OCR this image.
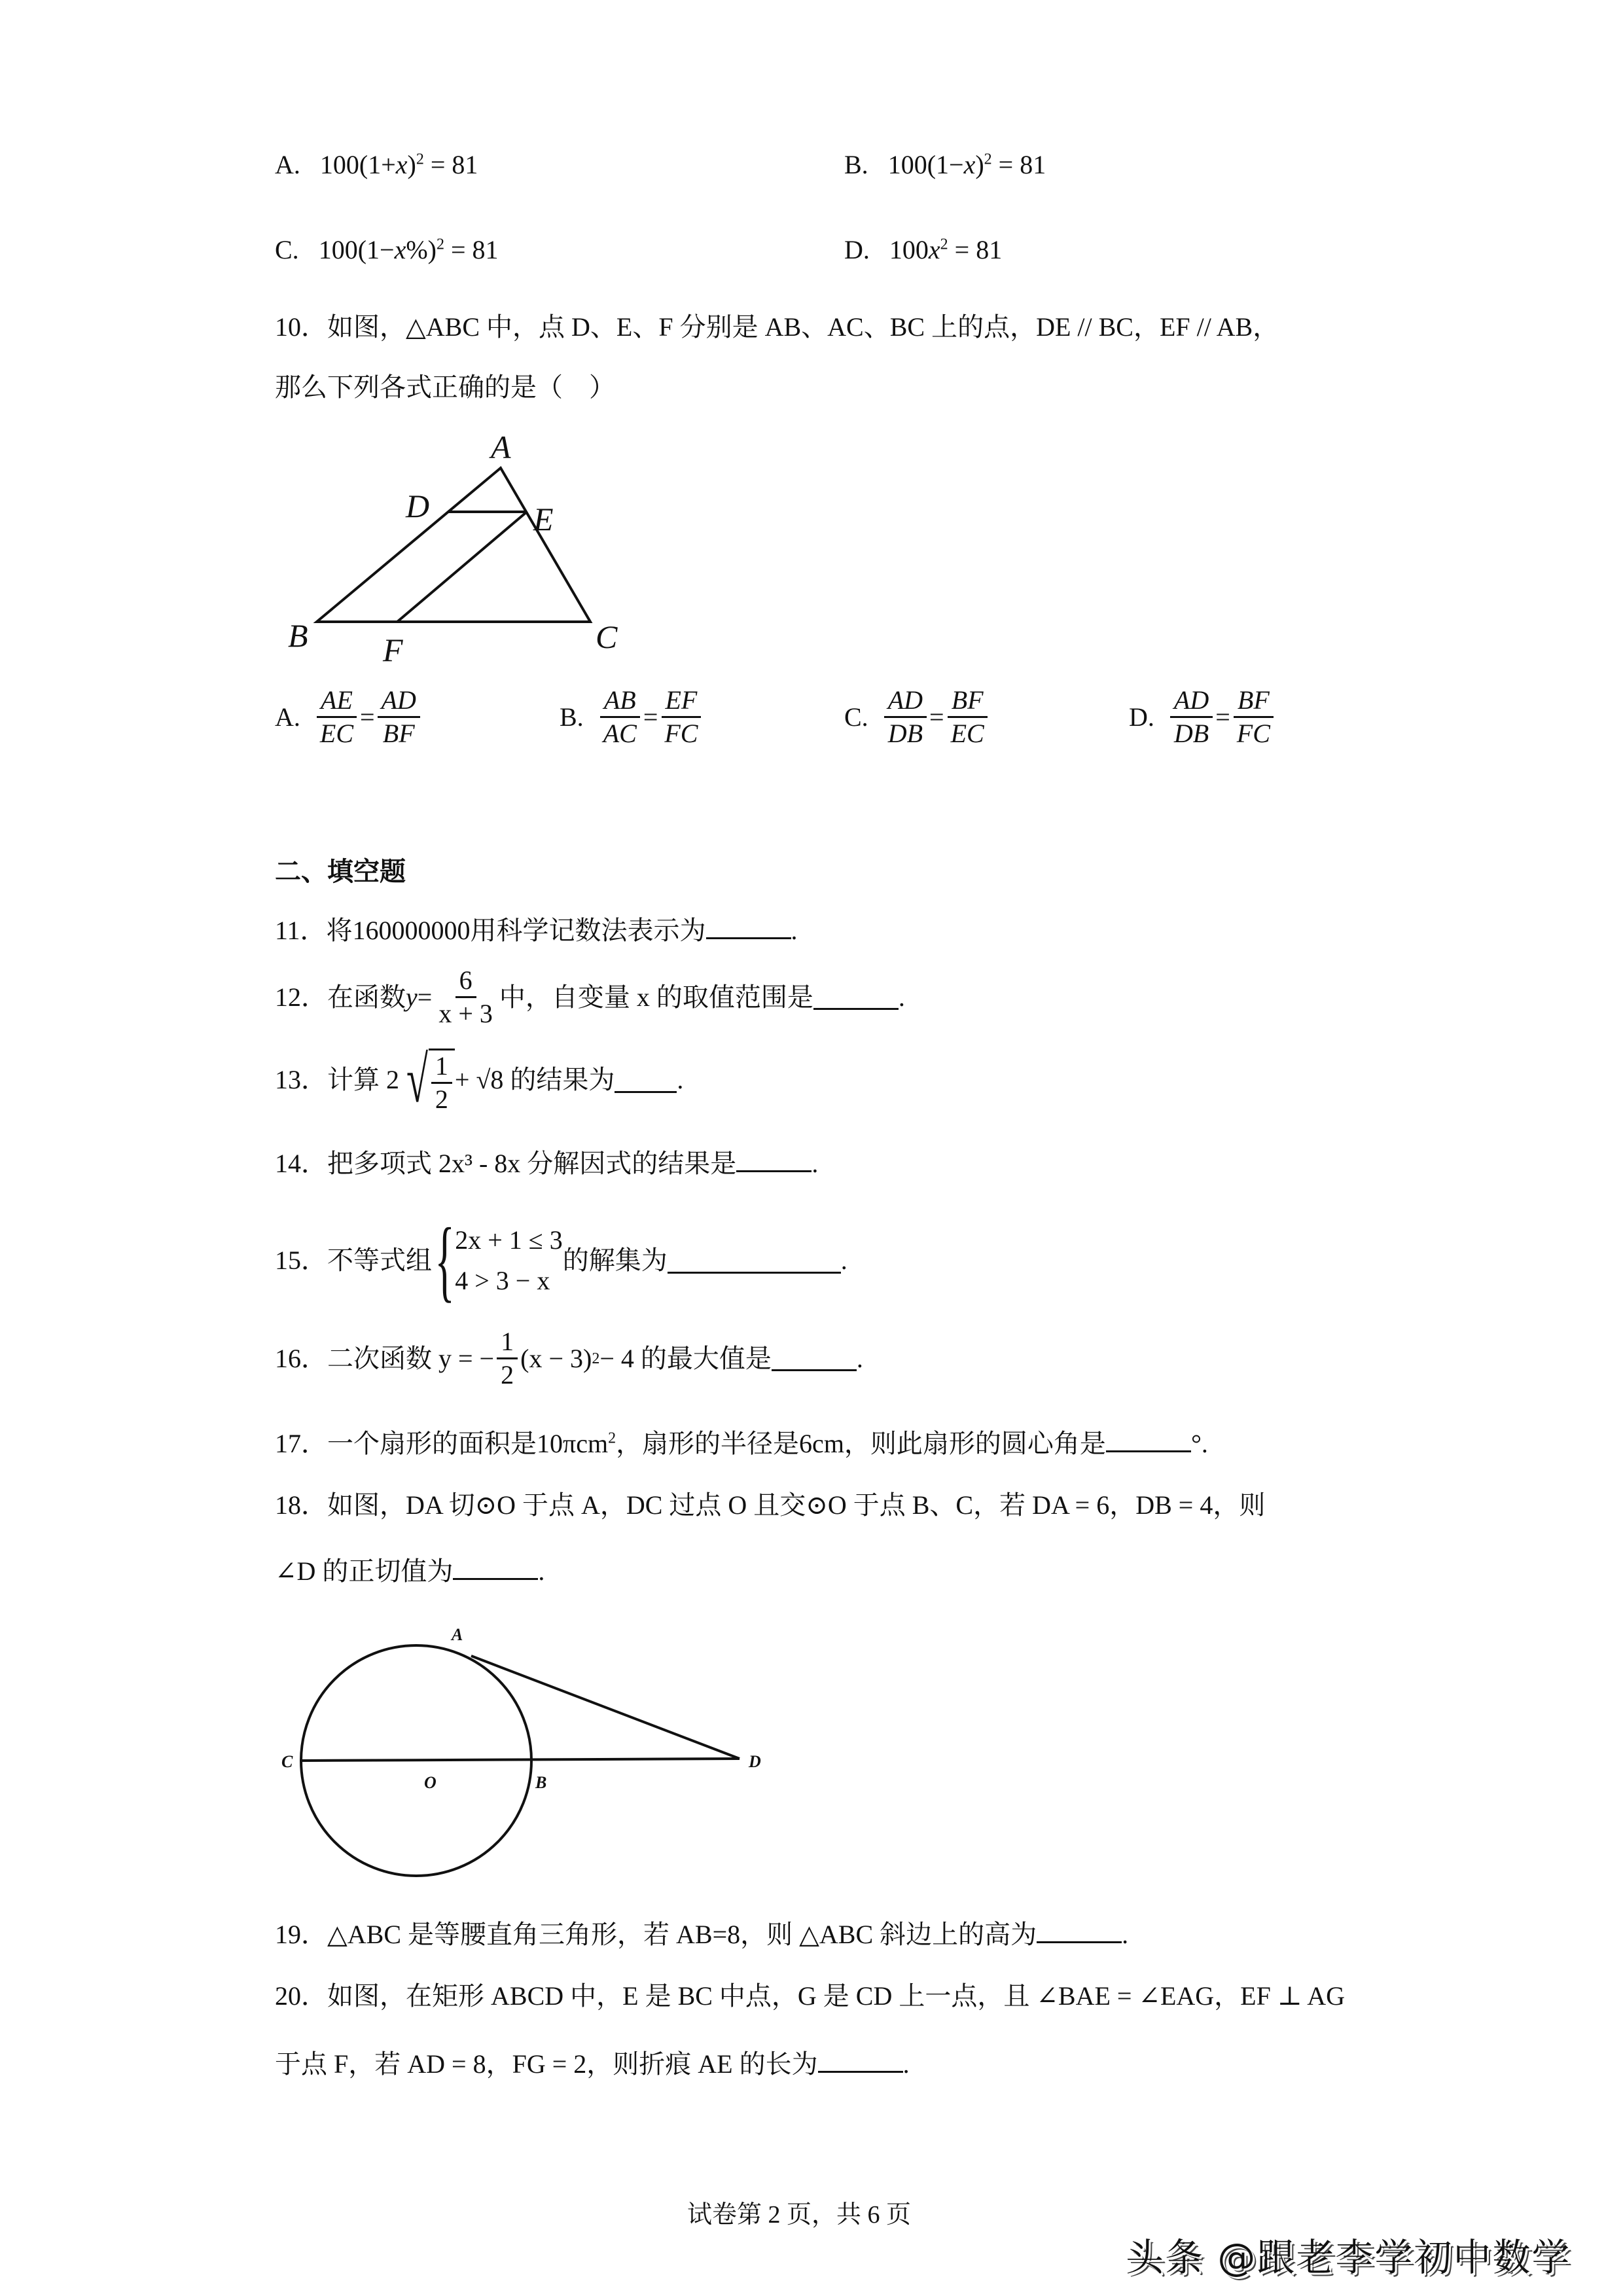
A. $100(1+x)^2 = 81$	B. $100(1-x)^2 = 81$
C. $100(1-x\%)^2 = 81$	D. $100x^2 = 81$
10．如图，△ABC 中，点 D、E、F 分别是 AB、AC、BC 上的点，DE // BC，EF // AB，
那么下列各式正确的是（　）
A
D	E
B F	C
A.
$\frac{AE}{EC} = \frac{AD}{BF}$	B.
$\frac{AB}{AC} = \frac{EF}{FC}$	C.
$\frac{AD}{DB} = \frac{BF}{EC}$	D.
$\frac{AD}{DB} = \frac{BF}{FC}$
二、填空题
11．将160000000用科学记数法表示为	.
12．在函数 $y = \frac{6}{x + 3}$ 中，自变量 x 的取值范围是	.
13．计算 2 √ $\frac{1}{2} + √8$ 的结果为 .
14．把多项式 2x³ - 8x 分解因式的结果是	.
15．不等式组 { 2x + 1 ≤ 3
4 > 3 − x
的解集为	.
16．二次函数 y = − $\frac{1}{2} (x - 3) 2 - 4$ 的最大值是	.
17．一个扇形的面积是10πcm$^2$，扇形的半径是6cm，则此扇形的圆心角是	°.
18．如图，DA 切⊙O 于点 A，DC 过点 O 且交⊙O 于点 B、C，若 DA = 6，DB = 4，则
∠D 的正切值为	.
A
C
O	B
D
19．△ABC 是等腰直角三角形，若 AB=8，则 △ABC 斜边上的高为	.
20．如图，在矩形 ABCD 中，E 是 BC 中点，G 是 CD 上一点，且 ∠BAE = ∠EAG，EF ⊥ AG
于点 F，若 AD = 8，FG = 2，则折痕 AE 的长为	.
试卷第 2 页，共 6 页
头条 @跟老李学初中数学
